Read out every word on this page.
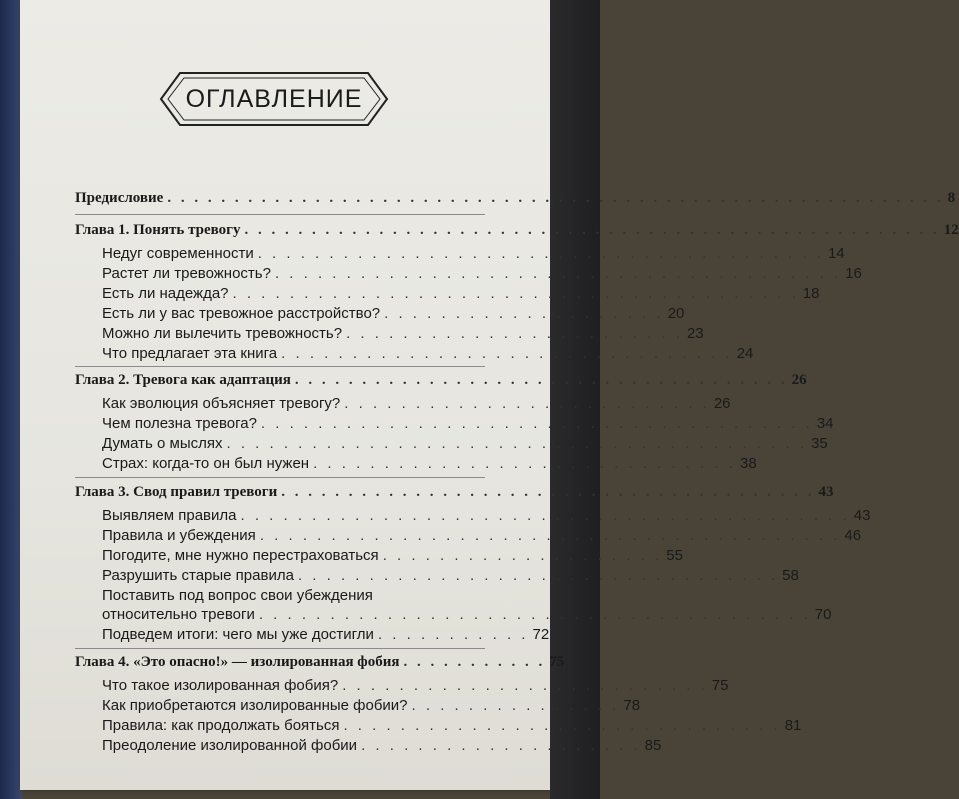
ОГЛАВЛЕНИЕ
Предисловие . . . . . . . . . . . . . . . . . . . . . . . . . . . . . . . . . . . . . . . . . . . . . . . . . . . . . . . . . . 8
Глава 1. Понять тревогу . . . . . . . . . . . . . . . . . . . . . . . . . . . . . . . . . . . . . . . . . . . . . . . . . . . . 12
Недуг современности . . . . . . . . . . . . . . . . . . . . . . . . . . . . . . . . . . . . . . . . 14
Растет ли тревожность? . . . . . . . . . . . . . . . . . . . . . . . . . . . . . . . . . . . . . . . . 16
Есть ли надежда? . . . . . . . . . . . . . . . . . . . . . . . . . . . . . . . . . . . . . . . . 18
Есть ли у вас тревожное расстройство? . . . . . . . . . . . . . . . . . . . . 20
Можно ли вылечить тревожность? . . . . . . . . . . . . . . . . . . . . . . . . 23
Что предлагает эта книга . . . . . . . . . . . . . . . . . . . . . . . . . . . . . . . . 24
Глава 2. Тревога как адаптация . . . . . . . . . . . . . . . . . . . . . . . . . . . . . . . . . . . . . 26
Как эволюция объясняет тревогу? . . . . . . . . . . . . . . . . . . . . . . . . . . 26
Чем полезна тревога? . . . . . . . . . . . . . . . . . . . . . . . . . . . . . . . . . . . . . . . 34
Думать о мыслях . . . . . . . . . . . . . . . . . . . . . . . . . . . . . . . . . . . . . . . . . 35
Страх: когда-то он был нужен . . . . . . . . . . . . . . . . . . . . . . . . . . . . . . 38
Глава 3. Свод правил тревоги . . . . . . . . . . . . . . . . . . . . . . . . . . . . . . . . . . . . . . . . 43
Выявляем правила . . . . . . . . . . . . . . . . . . . . . . . . . . . . . . . . . . . . . . . . . . . 43
Правила и убеждения . . . . . . . . . . . . . . . . . . . . . . . . . . . . . . . . . . . . . . . . . 46
Погодите, мне нужно перестраховаться . . . . . . . . . . . . . . . . . . . . 55
Разрушить старые правила . . . . . . . . . . . . . . . . . . . . . . . . . . . . . . . . . . 58
Поставить под вопрос свои убеждения
относительно тревоги . . . . . . . . . . . . . . . . . . . . . . . . . . . . . . . . . . . . . . . 70
Подведем итоги: чего мы уже достигли . . . . . . . . . . . 72
Глава 4. «Это опасно!» — изолированная фобия . . . . . . . . . . . 75
Что такое изолированная фобия? . . . . . . . . . . . . . . . . . . . . . . . . . . 75
Как приобретаются изолированные фобии? . . . . . . . . . . . . . . . 78
Правила: как продолжать бояться . . . . . . . . . . . . . . . . . . . . . . . . . . . . . . . 81
Преодоление изолированной фобии . . . . . . . . . . . . . . . . . . . . 85
